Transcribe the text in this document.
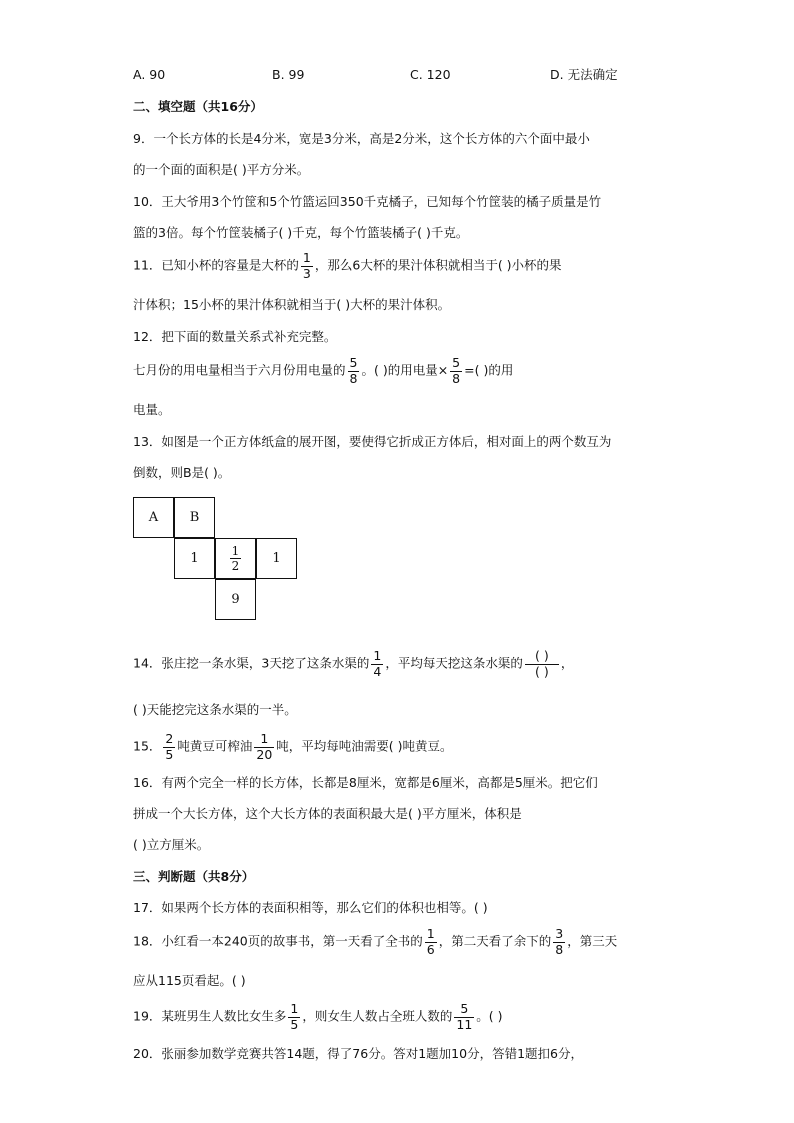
A. 90	B. 99	C. 120	D. 无法确定
二、填空题（共16分）
9．一个长方体的长是4分米，宽是3分米，高是2分米，这个长方体的六个面中最小
的一个面的面积是( )平方分米。
10．王大爷用3个竹筐和5个竹篮运回350千克橘子，已知每个竹筐装的橘子质量是竹
篮的3倍。每个竹筐装橘子( )千克，每个竹篮装橘子( )千克。
11．已知小杯的容量是大杯的 $\frac{1}{3}$ ，那么6大杯的果汁体积就相当于( )小杯的果
汁体积；15小杯的果汁体积就相当于( )大杯的果汁体积。
12．把下面的数量关系式补充完整。
七月份的用电量相当于六月份用电量的 $\frac{5}{8}$ 。( )的用电量× $\frac{5}{8}$ =( )的用
电量。
13．如图是一个正方体纸盒的展开图，要使得它折成正方体后，相对面上的两个数互为
倒数，则B是( )。
A	B
1	$\frac{1}{2}$	1
9
14．张庄挖一条水渠，3天挖了这条水渠的 $\frac{1}{4}$ ，平均每天挖这条水渠的 $\frac{( )}{( )}$ ，
( )天能挖完这条水渠的一半。
15． $\frac{2}{5}$ 吨黄豆可榨油 $\frac{1}{20}$ 吨，平均每吨油需要( )吨黄豆。
16．有两个完全一样的长方体，长都是8厘米，宽都是6厘米，高都是5厘米。把它们
拼成一个大长方体，这个大长方体的表面积最大是( )平方厘米，体积是
( )立方厘米。
三、判断题（共8分）
17．如果两个长方体的表面积相等，那么它们的体积也相等。( )
18．小红看一本240页的故事书，第一天看了全书的 $\frac{1}{6}$ ，第二天看了余下的 $\frac{3}{8}$ ，第三天
应从115页看起。( )
19．某班男生人数比女生多 $\frac{1}{5}$ ，则女生人数占全班人数的 $\frac{5}{11}$ 。( )
20．张丽参加数学竞赛共答14题，得了76分。答对1题加10分，答错1题扣6分，
